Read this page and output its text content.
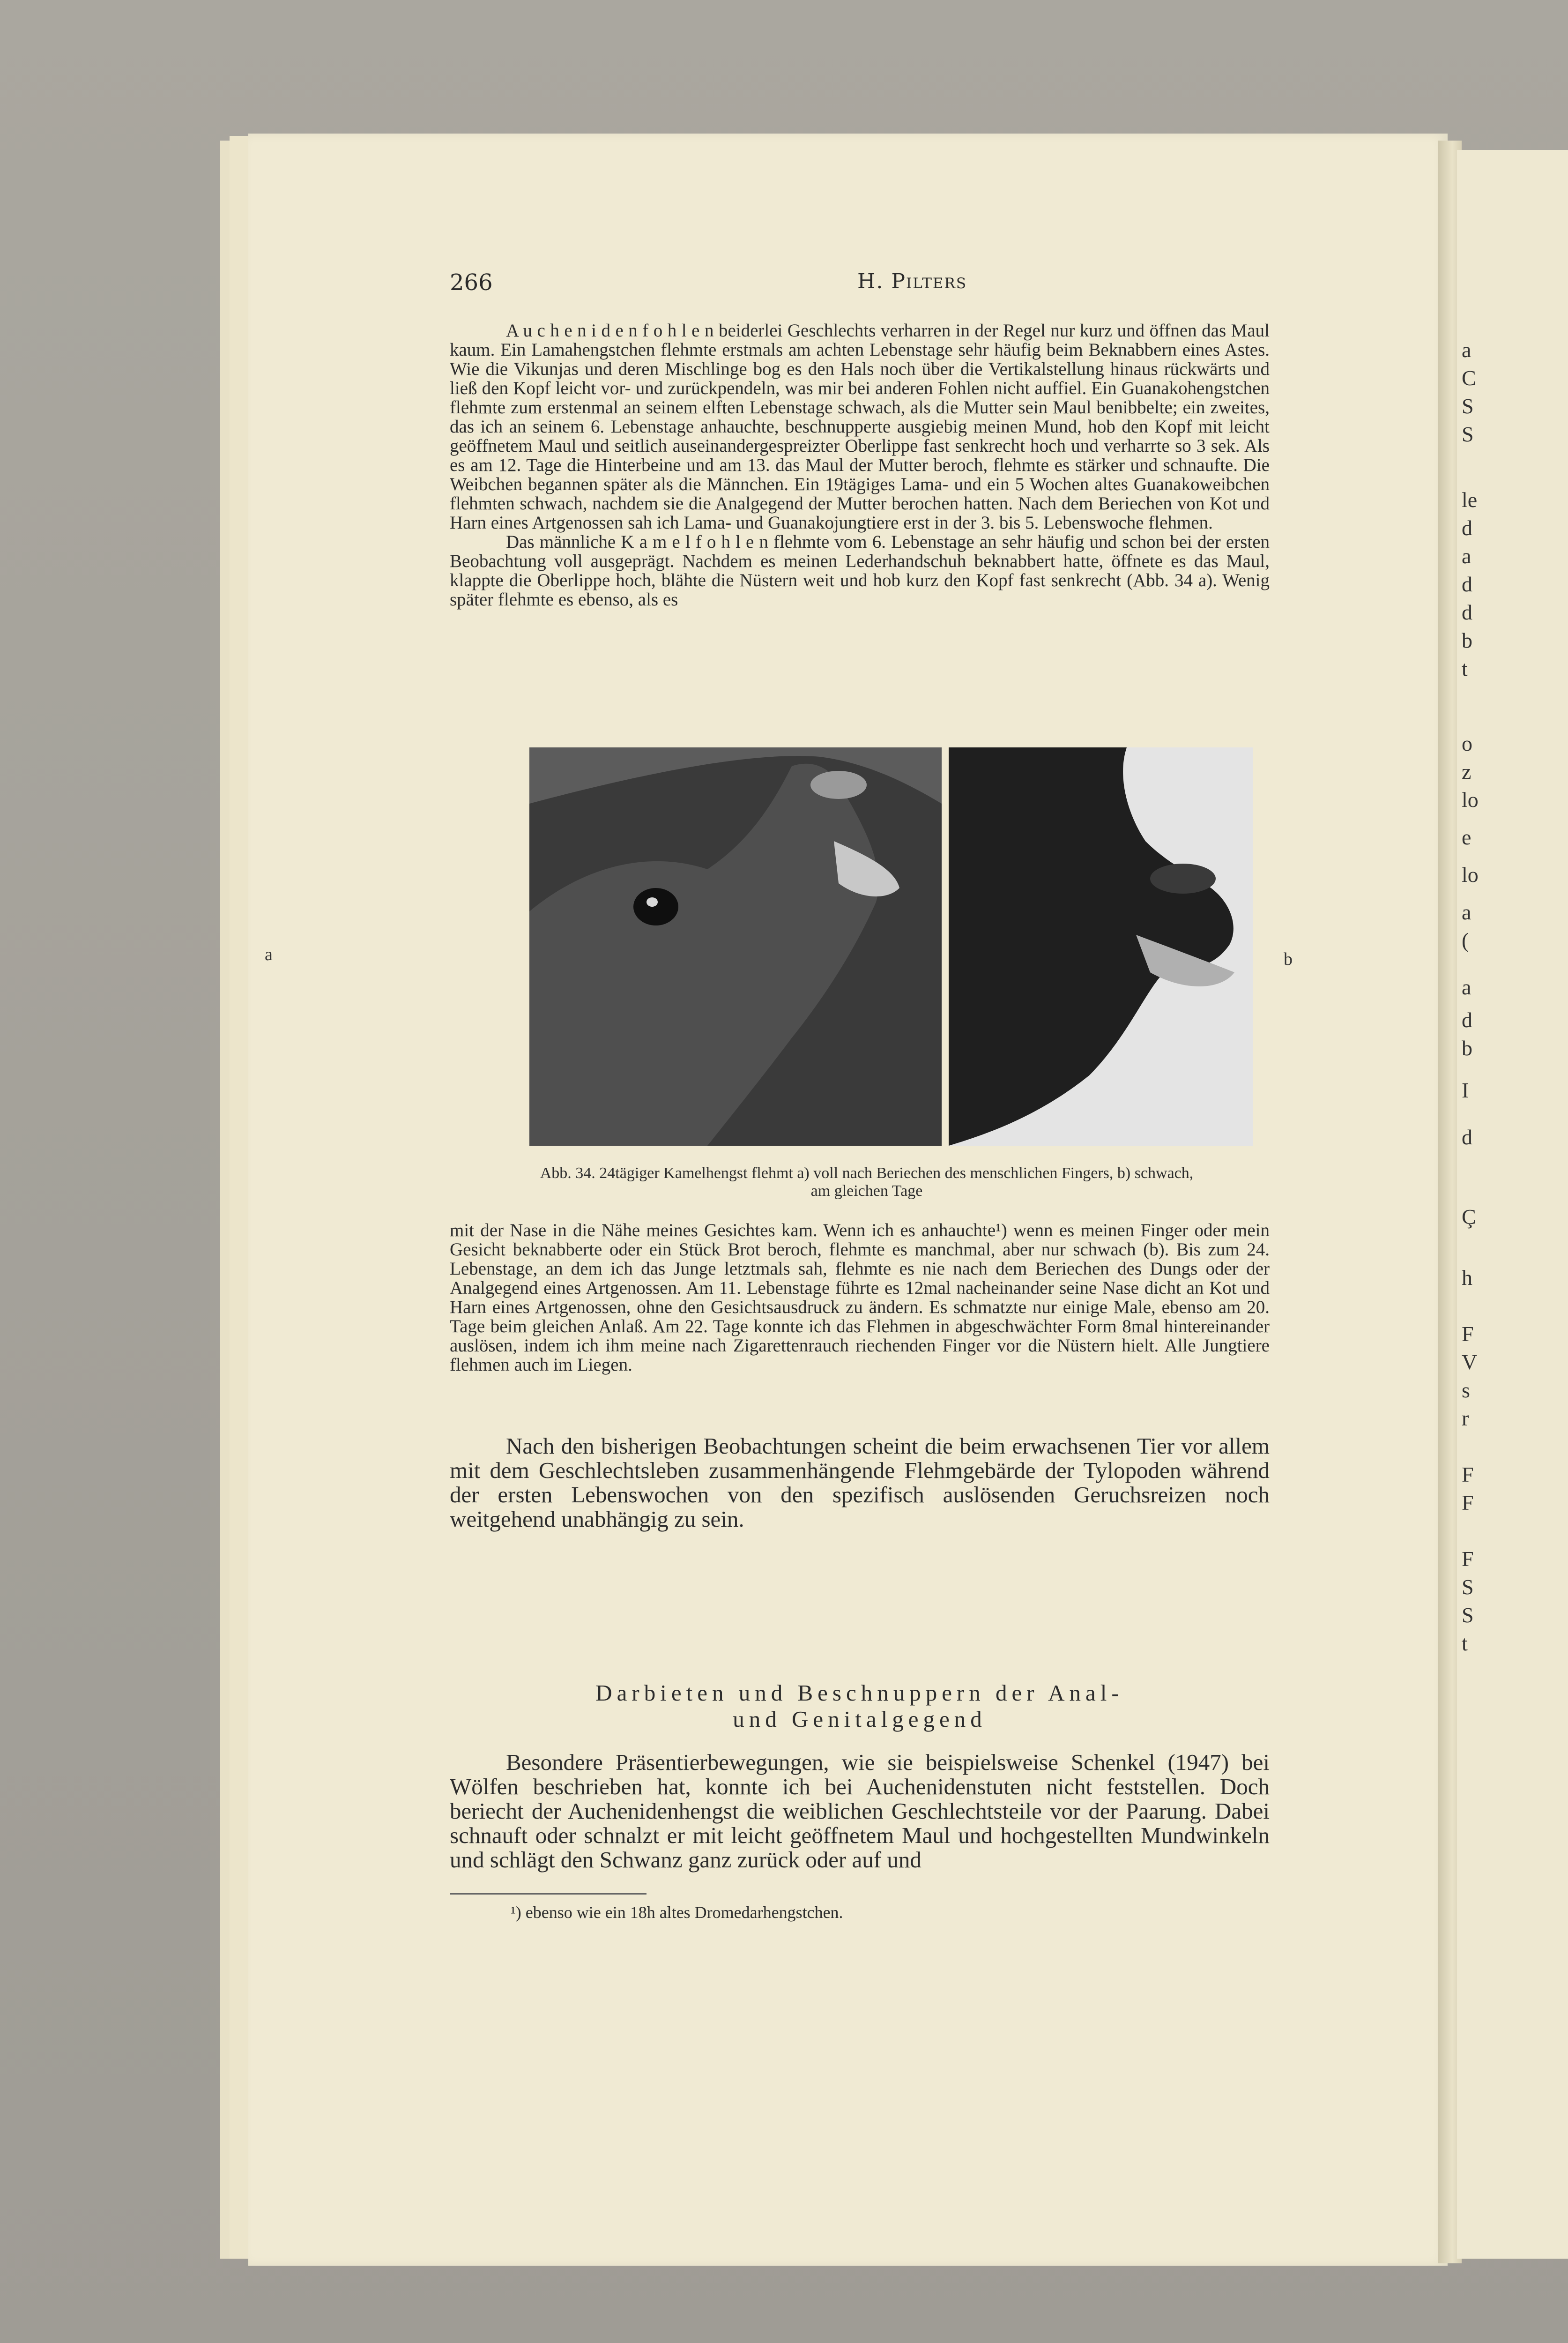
266	H. Pilters

A u c h e n i d e n f o h l e n beiderlei Geschlechts verharren in der Regel nur kurz und öffnen das Maul kaum. Ein Lamahengstchen flehmte erstmals am achten Lebenstage sehr häufig beim Beknabbern eines Astes. Wie die Vikunjas und deren Mischlinge bog es den Hals noch über die Vertikalstellung hinaus rückwärts und ließ den Kopf leicht vor- und zurückpendeln, was mir bei anderen Fohlen nicht auffiel. Ein Guanakohengstchen flehmte zum erstenmal an seinem elften Lebenstage schwach, als die Mutter sein Maul benibbelte; ein zweites, das ich an seinem 6. Lebenstage anhauchte, beschnupperte ausgiebig meinen Mund, hob den Kopf mit leicht geöffnetem Maul und seitlich auseinandergespreizter Oberlippe fast senkrecht hoch und verharrte so 3 sek. Als es am 12. Tage die Hinterbeine und am 13. das Maul der Mutter beroch, flehmte es stärker und schnaufte. Die Weibchen begannen später als die Männchen. Ein 19tägiges Lama- und ein 5 Wochen altes Guanakoweibchen flehmten schwach, nachdem sie die Analgegend der Mutter berochen hatten. Nach dem Beriechen von Kot und Harn eines Artgenossen sah ich Lama- und Guanakojungtiere erst in der 3. bis 5. Lebenswoche flehmen.

Das männliche K a m e l f o h l e n flehmte vom 6. Lebenstage an sehr häufig und schon bei der ersten Beobachtung voll ausgeprägt. Nachdem es meinen Lederhandschuh beknabbert hatte, öffnete es das Maul, klappte die Oberlippe hoch, blähte die Nüstern weit und hob kurz den Kopf fast senkrecht (Abb. 34 a). Wenig später flehmte es ebenso, als es

a	b
Abb. 34. 24tägiger Kamelhengst flehmt a) voll nach Beriechen des menschlichen Fingers, b) schwach, am gleichen Tage

mit der Nase in die Nähe meines Gesichtes kam. Wenn ich es anhauchte¹) wenn es meinen Finger oder mein Gesicht beknabberte oder ein Stück Brot beroch, flehmte es manchmal, aber nur schwach (b). Bis zum 24. Lebenstage, an dem ich das Junge letztmals sah, flehmte es nie nach dem Beriechen des Dungs oder der Analgegend eines Artgenossen. Am 11. Lebenstage führte es 12mal nacheinander seine Nase dicht an Kot und Harn eines Artgenossen, ohne den Gesichtsausdruck zu ändern. Es schmatzte nur einige Male, ebenso am 20. Tage beim gleichen Anlaß. Am 22. Tage konnte ich das Flehmen in abgeschwächter Form 8mal hintereinander auslösen, indem ich ihm meine nach Zigarettenrauch riechenden Finger vor die Nüstern hielt. Alle Jungtiere flehmen auch im Liegen.

Nach den bisherigen Beobachtungen scheint die beim erwachsenen Tier vor allem mit dem Geschlechtsleben zusammenhängende Flehmgebärde der Tylopoden während der ersten Lebenswochen von den spezifisch auslösenden Geruchsreizen noch weitgehend unabhängig zu sein.

Darbieten und Beschnuppern der Anal-
und Genitalgegend

Besondere Präsentierbewegungen, wie sie beispielsweise Schenkel (1947) bei Wölfen beschrieben hat, konnte ich bei Auchenidenstuten nicht feststellen. Doch beriecht der Auchenidenhengst die weiblichen Geschlechtsteile vor der Paarung. Dabei schnauft oder schnalzt er mit leicht geöffnetem Maul und hochgestellten Mundwinkeln und schlägt den Schwanz ganz zurück oder auf und

¹) ebenso wie ein 18h altes Dromedarhengstchen.
a
C
S
S
le
d
a
d
d
b
t
o
z
lo
e
lo
a
(
a
d
b
I
d
Ç
h
F
V
s
r
F
F
F
S
S
t
